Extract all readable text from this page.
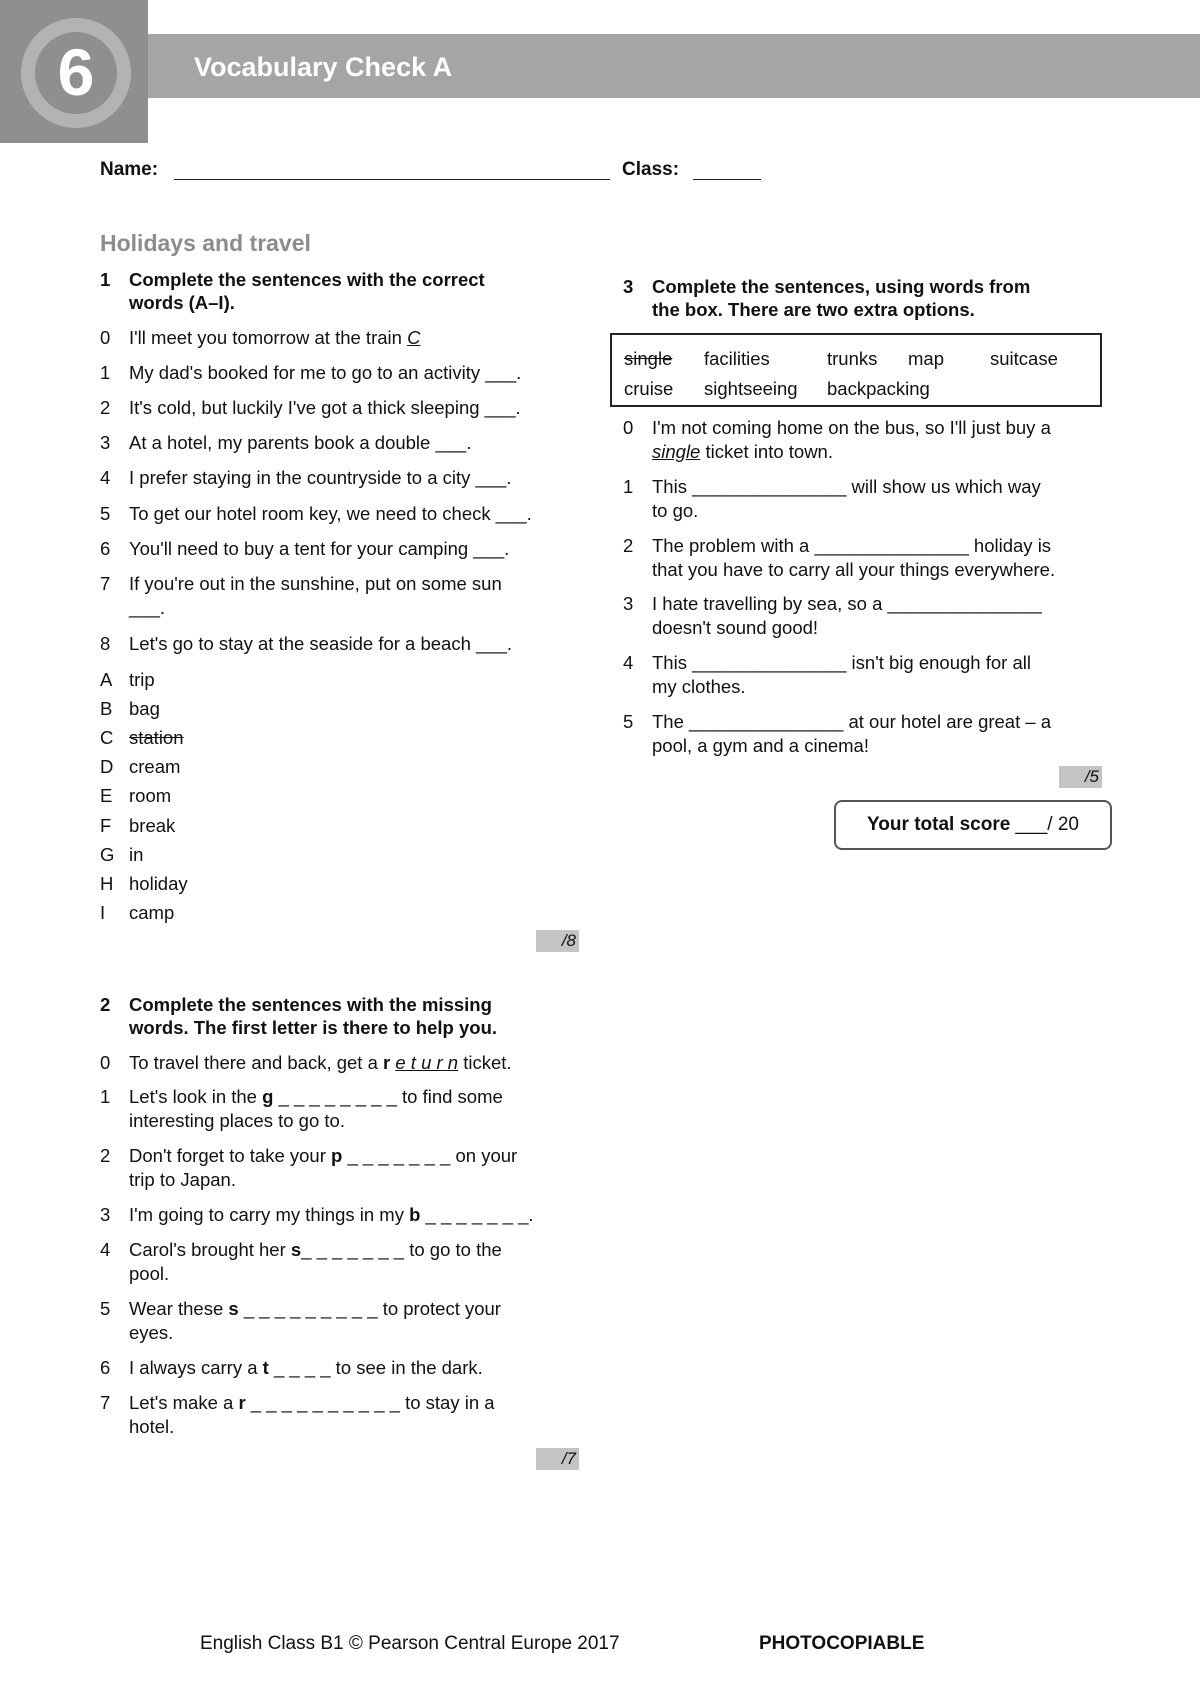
6	Vocabulary Check A
Name:	Class:
Holidays and travel
1 Complete the sentences with the correct
words (A–I).
0 I'll meet you tomorrow at the train C
1 My dad's booked for me to go to an activity ___.
2 It's cold, but luckily I've got a thick sleeping ___.
3 At a hotel, my parents book a double ___.
4 I prefer staying in the countryside to a city ___.
5 To get our hotel room key, we need to check ___.
6 You'll need to buy a tent for your camping ___.
7 If you're out in the sunshine, put on some sun
___.
8 Let's go to stay at the seaside for a beach ___.
A trip
B bag
C station
D cream
E room
F break
G in
H holiday
I camp
/8
2 Complete the sentences with the missing
words. The first letter is there to help you.
0 To travel there and back, get a r e t u r n ticket.
1 Let's look in the g _ _ _ _ _ _ _ _ to find some
interesting places to go to.
2 Don't forget to take your p _ _ _ _ _ _ _ on your
trip to Japan.
3 I'm going to carry my things in my b _ _ _ _ _ _ _.
4 Carol's brought her s_ _ _ _ _ _ _ to go to the
pool.
5 Wear these s _ _ _ _ _ _ _ _ _ to protect your
eyes.
6 I always carry a t _ _ _ _ to see in the dark.
7 Let's make a r _ _ _ _ _ _ _ _ _ _ to stay in a
hotel.
/7
3 Complete the sentences, using words from
the box. There are two extra options.
single facilities	trunks map suitcase
cruise sightseeing backpacking
0 I'm not coming home on the bus, so I'll just buy a
single ticket into town.
1 This _______________ will show us which way
to go.
2 The problem with a _______________ holiday is
that you have to carry all your things everywhere.
3 I hate travelling by sea, so a _______________
doesn't sound good!
4 This _______________ isn't big enough for all
my clothes.
5 The _______________ at our hotel are great – a
pool, a gym and a cinema!
/5
Your total score ___/ 20
English Class B1 © Pearson Central Europe 2017	PHOTOCOPIABLE
